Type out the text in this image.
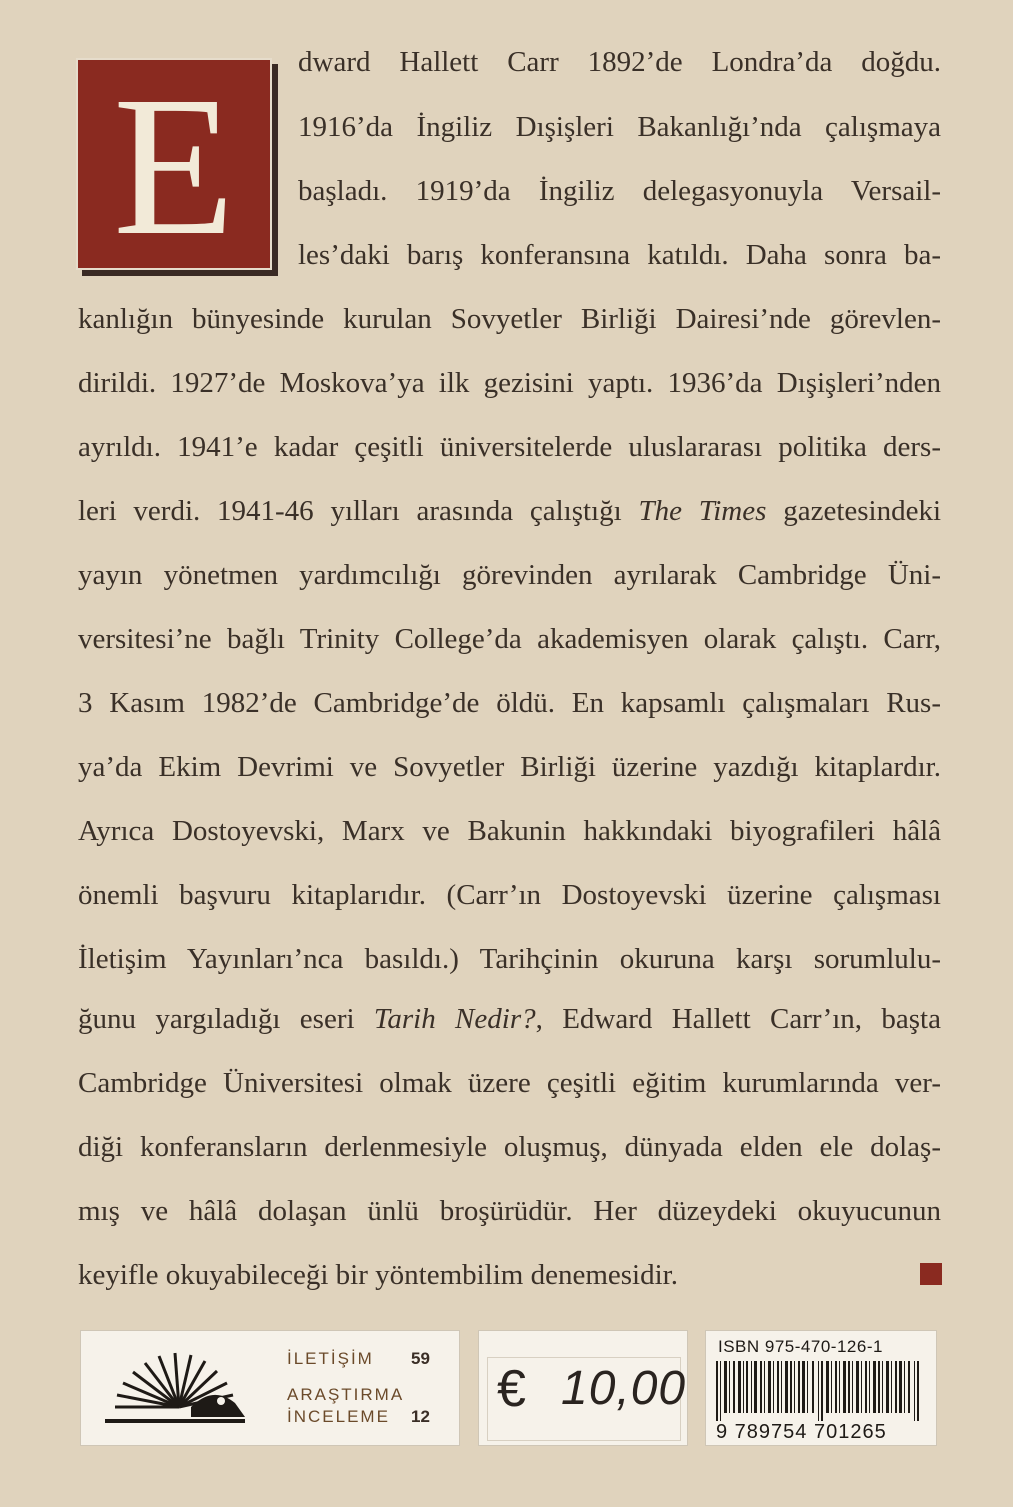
E dward Hallett Carr 1892’de Londra’da doğdu.
1916’da İngiliz Dışişleri Bakanlığı’nda çalışmaya
başladı. 1919’da İngiliz delegasyonuyla Versail-
les’daki barış konferansına katıldı. Daha sonra ba-
kanlığın bünyesinde kurulan Sovyetler Birliği Dairesi’nde görevlen-
dirildi. 1927’de Moskova’ya ilk gezisini yaptı. 1936’da Dışişleri’nden
ayrıldı. 1941’e kadar çeşitli üniversitelerde uluslararası politika ders-
leri verdi. 1941-46 yılları arasında çalıştığı The Times gazetesindeki
yayın yönetmen yardımcılığı görevinden ayrılarak Cambridge Üni-
versitesi’ne bağlı Trinity College’da akademisyen olarak çalıştı. Carr,
3 Kasım 1982’de Cambridge’de öldü. En kapsamlı çalışmaları Rus-
ya’da Ekim Devrimi ve Sovyetler Birliği üzerine yazdığı kitaplardır.
Ayrıca Dostoyevski, Marx ve Bakunin hakkındaki biyografileri hâlâ
önemli başvuru kitaplarıdır. (Carr’ın Dostoyevski üzerine çalışması
İletişim Yayınları’nca basıldı.) Tarihçinin okuruna karşı sorumlulu-
ğunu yargıladığı eseri Tarih Nedir?, Edward Hallett Carr’ın, başta
Cambridge Üniversitesi olmak üzere çeşitli eğitim kurumlarında ver-
diği konferansların derlenmesiyle oluşmuş, dünyada elden ele dolaş-
mış ve hâlâ dolaşan ünlü broşürüdür. Her düzeydeki okuyucunun
keyifle okuyabileceği bir yöntembilim denemesidir.
İLETİŞİM 59
ARAŞTIRMA
İNCELEME 12 € 10,00
ISBN 975-470-126-1
9 789754 701265
